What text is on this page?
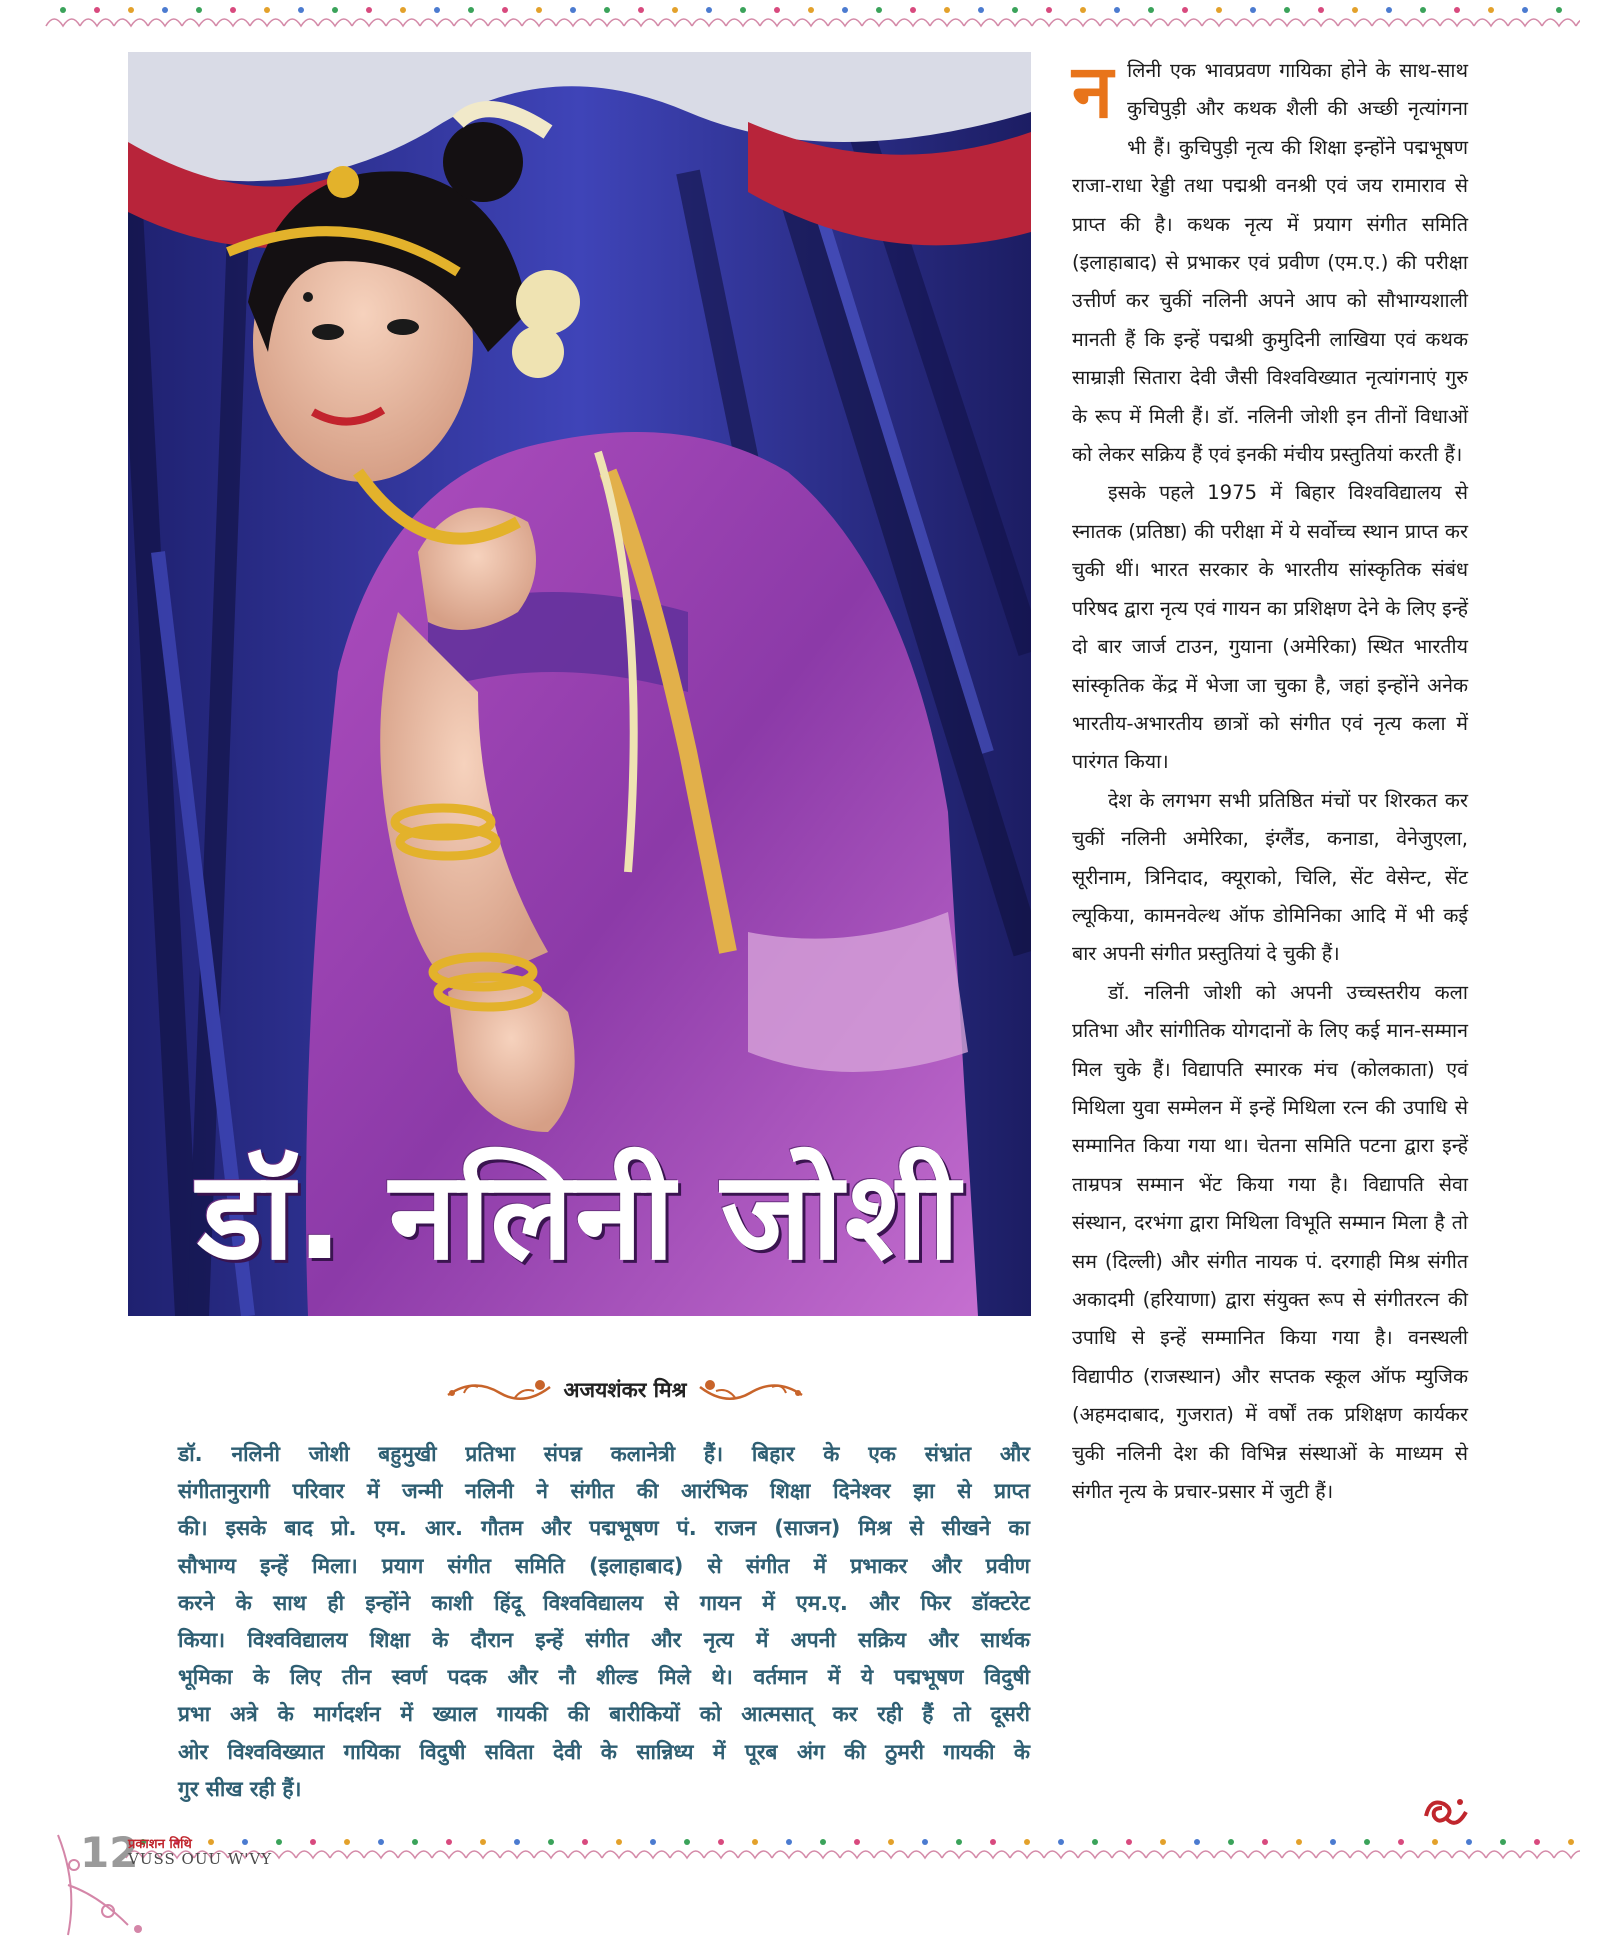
डॉ. नलिनी जोशी

नलिनी एक भावप्रवण गायिका होने के साथ-साथ कुचिपुड़ी और कथक शैली की अच्छी नृत्यांगना भी हैं। कुचिपुड़ी नृत्य की शिक्षा इन्होंने पद्मभूषण राजा-राधा रेड्डी तथा पद्मश्री वनश्री एवं जय रामाराव से प्राप्त की है। कथक नृत्य में प्रयाग संगीत समिति (इलाहाबाद) से प्रभाकर एवं प्रवीण (एम.ए.) की परीक्षा उत्तीर्ण कर चुकीं नलिनी अपने आप को सौभाग्यशाली मानती हैं कि इन्हें पद्मश्री कुमुदिनी लाखिया एवं कथक साम्राज्ञी सितारा देवी जैसी विश्वविख्यात नृत्यांगनाएं गुरु के रूप में मिली हैं। डॉ. नलिनी जोशी इन तीनों विधाओं को लेकर सक्रिय हैं एवं इनकी मंचीय प्रस्तुतियां करती हैं।

इसके पहले 1975 में बिहार विश्वविद्यालय से स्नातक (प्रतिष्ठा) की परीक्षा में ये सर्वोच्च स्थान प्राप्त कर चुकी थीं। भारत सरकार के भारतीय सांस्कृतिक संबंध परिषद द्वारा नृत्य एवं गायन का प्रशिक्षण देने के लिए इन्हें दो बार जार्ज टाउन, गुयाना (अमेरिका) स्थित भारतीय सांस्कृतिक केंद्र में भेजा जा चुका है, जहां इन्होंने अनेक भारतीय-अभारतीय छात्रों को संगीत एवं नृत्य कला में पारंगत किया।

देश के लगभग सभी प्रतिष्ठित मंचों पर शिरकत कर चुकीं नलिनी अमेरिका, इंग्लैंड, कनाडा, वेनेजुएला, सूरीनाम, त्रिनिदाद, क्यूराको, चिलि, सेंट वेसेन्ट, सेंट ल्यूकिया, कामनवेल्थ ऑफ डोमिनिका आदि में भी कई बार अपनी संगीत प्रस्तुतियां दे चुकी हैं।

डॉ. नलिनी जोशी को अपनी उच्चस्तरीय कला प्रतिभा और सांगीतिक योगदानों के लिए कई मान-सम्मान मिल चुके हैं। विद्यापति स्मारक मंच (कोलकाता) एवं मिथिला युवा सम्मेलन में इन्हें मिथिला रत्न की उपाधि से सम्मानित किया गया था। चेतना समिति पटना द्वारा इन्हें ताम्रपत्र सम्मान भेंट किया गया है। विद्यापति सेवा संस्थान, दरभंगा द्वारा मिथिला विभूति सम्मान मिला है तो सम (दिल्ली) और संगीत नायक पं. दरगाही मिश्र संगीत अकादमी (हरियाणा) द्वारा संयुक्त रूप से संगीतरत्न की उपाधि से इन्हें सम्मानित किया गया है। वनस्थली विद्यापीठ (राजस्थान) और सप्तक स्कूल ऑफ म्युजिक (अहमदाबाद, गुजरात) में वर्षों तक प्रशिक्षण कार्यकर चुकी नलिनी देश की विभिन्न संस्थाओं के माध्यम से संगीत नृत्य के प्रचार-प्रसार में जुटी हैं।

अजयशंकर मिश्र

डॉ. नलिनी जोशी बहुमुखी प्रतिभा संपन्न कलानेत्री हैं। बिहार के एक संभ्रांत और
संगीतानुरागी परिवार में जन्मी नलिनी ने संगीत की आरंभिक शिक्षा दिनेश्वर झा से प्राप्त
की। इसके बाद प्रो. एम. आर. गौतम और पद्मभूषण पं. राजन (साजन) मिश्र से सीखने का
सौभाग्य इन्हें मिला। प्रयाग संगीत समिति (इलाहाबाद) से संगीत में प्रभाकर और प्रवीण
करने के साथ ही इन्होंने काशी हिंदू विश्वविद्यालय से गायन में एम.ए. और फिर डॉक्टरेट
किया। विश्वविद्यालय शिक्षा के दौरान इन्हें संगीत और नृत्य में अपनी सक्रिय और सार्थक
भूमिका के लिए तीन स्वर्ण पदक और नौ शील्ड मिले थे। वर्तमान में ये पद्मभूषण विदुषी
प्रभा अत्रे के मार्गदर्शन में ख्याल गायकी की बारीकियों को आत्मसात् कर रही हैं तो दूसरी
ओर विश्वविख्यात गायिका विदुषी सविता देवी के सान्निध्य में पूरब अंग की ठुमरी गायकी के
गुर सीख रही हैं।

12
प्रकाशन तिथि
VUSS OUU W'VY
